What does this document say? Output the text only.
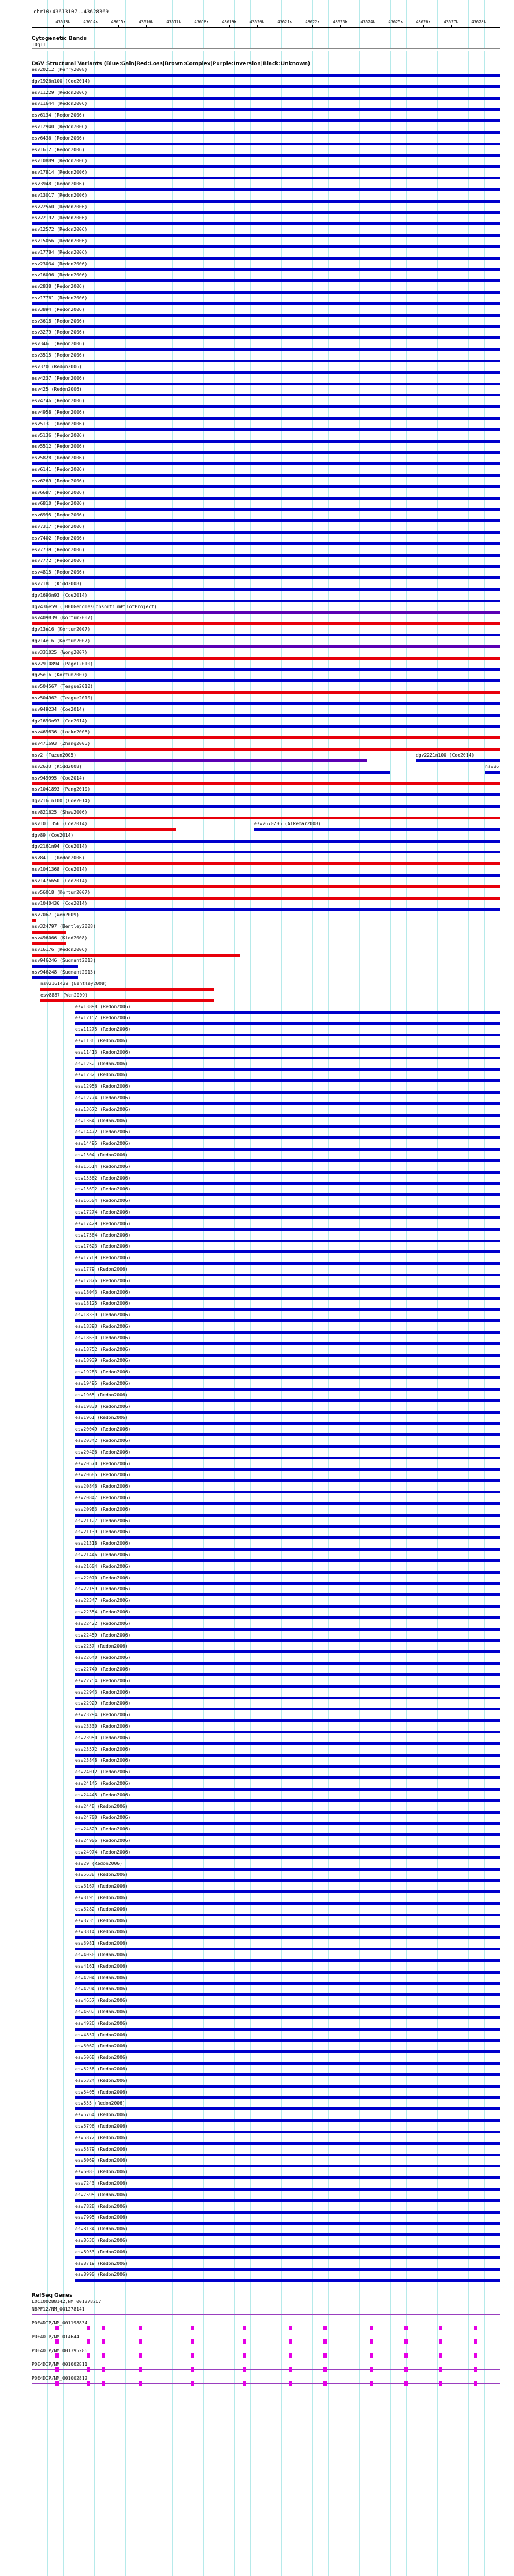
chr10:43613107..43628369
43613k	43614k	43615k	43616k	43617k	43618k	43619k	43620k	43621k	43622k	43623k	43624k	43625k	43626k	43627k	43628k
Cytogenetic Bands
10q11.1
DGV Structural Variants (Blue:Gain|Red:Loss|Brown:Complex|Purple:Inversion|Black:Unknown)
esv20212 (Perry2008)
dgv1926n100 (Coe2014)
esv11229 (Redon2006)
esv11644 (Redon2006)
esv6134 (Redon2006)
esv12940 (Redon2006)
esv6436 (Redon2006)
esv1612 (Redon2006)
esv10889 (Redon2006)
esv17814 (Redon2006)
esv3948 (Redon2006)
esv13017 (Redon2006)
esv22560 (Redon2006)
esv22192 (Redon2006)
esv12572 (Redon2006)
esv15056 (Redon2006)
esv17784 (Redon2006)
esv23034 (Redon2006)
esv16096 (Redon2006)
esv2838 (Redon2006)
esv17761 (Redon2006)
esv3894 (Redon2006)
esv3618 (Redon2006)
esv3279 (Redon2006)
esv3461 (Redon2006)
esv3515 (Redon2006)
esv370 (Redon2006)
esv4237 (Redon2006)
esv425 (Redon2006)
esv4746 (Redon2006)
esv4958 (Redon2006)
esv5131 (Redon2006)
esv5136 (Redon2006)
esv5512 (Redon2006)
esv5828 (Redon2006)
esv6141 (Redon2006)
esv6269 (Redon2006)
esv6687 (Redon2006)
esv6810 (Redon2006)
esv6995 (Redon2006)
esv7317 (Redon2006)
esv7402 (Redon2006)
esv7739 (Redon2006)
esv7772 (Redon2006)
esv4815 (Redon2006)
nsv7181 (Kidd2008)
dgv1693n93 (Coe2014)
dgv436e59 (1000GenomesConsortiumPilotProject)
nsv409839 (Kortum2007)
dgv13e16 (Kortum2007)
dgv14e16 (Kortum2007)
nsv331025 (Wong2007)
nsv2910894 (Pagel2010)
dgv5e16 (Kortum2007)
nsv504567 (Teague2010)
nsv504962 (Teague2010)
nsv949234 (Coe2014)
dgv1693n93 (Coe2014)
nsv469836 (Locke2006)
esv471693 (Zhang2005)
nsv2 (Tuzun2005)	dgv2221n100 (Coe2014)
nsv2633 (Kidd2008)	nsv26
nsv949995 (Coe2014)
nsv1041893 (Pang2010)
dgv2161n100 (Coe2014)
nsv821625 (Shaw2006)
nsv1011356 (Coe2014)	esv2670206 (Alkemar2008)
dgv89 (Coe2014)
dgv2161n94 (Coe2014)
nsv8411 (Redon2006)
nsv1041368 (Coe2014)
nsv1476650 (Coe2014)
nsv56018 (Kortum2007)
nsv1040436 (Coe2014)
nsv7067 (Wen2009)
nsv324797 (Bentley2008)
nsv496066 (Kidd2008)
nsv16176 (Redon2006)
nsv946246 (Sudmant2013)
nsv946248 (Sudmant2013)
nsv2161429 (Bentley2008)
esv8887 (Wen2009)
esv13898 (Redon2006)
esv12152 (Redon2006)
esv11275 (Redon2006)
esv1136 (Redon2006)
esv11413 (Redon2006)
esv1252 (Redon2006)
esv1232 (Redon2006)
esv12956 (Redon2006)
esv12774 (Redon2006)
esv13672 (Redon2006)
esv1364 (Redon2006)
esv14472 (Redon2006)
esv14495 (Redon2006)
esv1504 (Redon2006)
esv15514 (Redon2006)
esv15562 (Redon2006)
esv15692 (Redon2006)
esv16504 (Redon2006)
esv17274 (Redon2006)
esv17429 (Redon2006)
esv17564 (Redon2006)
esv17623 (Redon2006)
esv17769 (Redon2006)
esv1779 (Redon2006)
esv17876 (Redon2006)
esv18043 (Redon2006)
esv18125 (Redon2006)
esv18339 (Redon2006)
esv18393 (Redon2006)
esv18630 (Redon2006)
esv18752 (Redon2006)
esv18939 (Redon2006)
esv19283 (Redon2006)
esv19495 (Redon2006)
esv1965 (Redon2006)
esv19830 (Redon2006)
esv1961 (Redon2006)
esv20049 (Redon2006)
esv20342 (Redon2006)
esv20406 (Redon2006)
esv20570 (Redon2006)
esv20685 (Redon2006)
esv20846 (Redon2006)
esv20847 (Redon2006)
esv20983 (Redon2006)
esv21127 (Redon2006)
esv21139 (Redon2006)
esv21318 (Redon2006)
esv21446 (Redon2006)
esv21604 (Redon2006)
esv22070 (Redon2006)
esv22159 (Redon2006)
esv22347 (Redon2006)
esv22354 (Redon2006)
esv22422 (Redon2006)
esv22459 (Redon2006)
esv2257 (Redon2006)
esv22640 (Redon2006)
esv22740 (Redon2006)
esv22754 (Redon2006)
esv22943 (Redon2006)
esv22929 (Redon2006)
esv23294 (Redon2006)
esv23330 (Redon2006)
esv23950 (Redon2006)
esv23572 (Redon2006)
esv23848 (Redon2006)
esv24012 (Redon2006)
esv24145 (Redon2006)
esv24445 (Redon2006)
esv2448 (Redon2006)
esv24700 (Redon2006)
esv24829 (Redon2006)
esv24906 (Redon2006)
esv24974 (Redon2006)
esv29 (Redon2006)
esv5638 (Redon2006)
esv3167 (Redon2006)
esv3195 (Redon2006)
esv3282 (Redon2006)
esv3735 (Redon2006)
esv3814 (Redon2006)
esv3981 (Redon2006)
esv4050 (Redon2006)
esv4161 (Redon2006)
esv4204 (Redon2006)
esv4294 (Redon2006)
esv4657 (Redon2006)
esv4692 (Redon2006)
esv4926 (Redon2006)
esv4857 (Redon2006)
esv5062 (Redon2006)
esv5068 (Redon2006)
esv5256 (Redon2006)
esv5324 (Redon2006)
esv5405 (Redon2006)
esv555 (Redon2006)
esv5764 (Redon2006)
esv5796 (Redon2006)
esv5872 (Redon2006)
esv5879 (Redon2006)
esv6069 (Redon2006)
esv6083 (Redon2006)
esv7243 (Redon2006)
esv7595 (Redon2006)
esv7828 (Redon2006)
esv7995 (Redon2006)
esv8134 (Redon2006)
esv8636 (Redon2006)
esv8953 (Redon2006)
esv8719 (Redon2006)
esv8990 (Redon2006)
RefSeq Genes
LOC100288142,NM_001278267
NBPF12/NM_001278141
PDE4DIP/NM_001198834
PDE4DIP/NM_014644
PDE4DIP/NM_001395286
PDE4DIP/NM_001002811
PDE4DIP/NM_001002812
